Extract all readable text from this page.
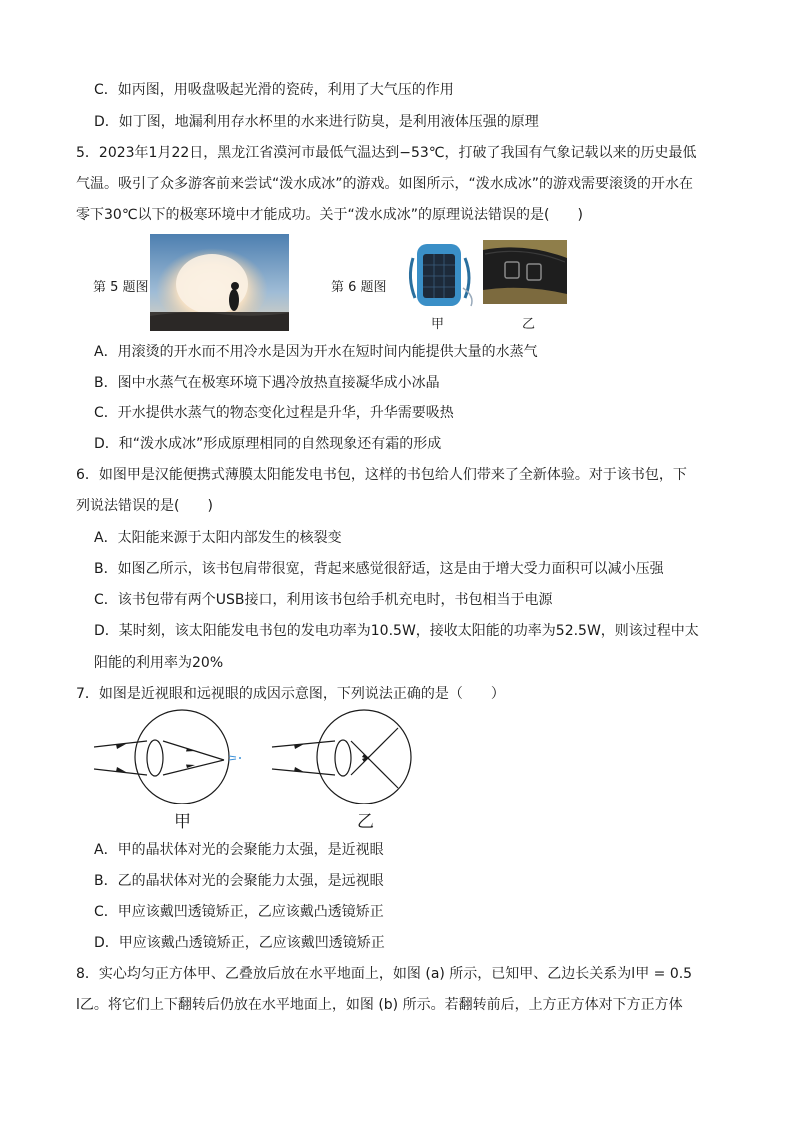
C．如丙图，用吸盘吸起光滑的瓷砖，利用了大气压的作用
D．如丁图，地漏利用存水杯里的水来进行防臭，是利用液体压强的原理
5．2023年1月22日，黑龙江省漠河市最低气温达到−53℃，打破了我国有气象记载以来的历史最低
气温。吸引了众多游客前来尝试“泼水成冰”的游戏。如图所示，“泼水成冰”的游戏需要滚烫的开水在
零下30℃以下的极寒环境中才能成功。关于“泼水成冰”的原理说法错误的是(　　)
第 5 题图	第 6 题图
甲	乙
A．用滚烫的开水而不用冷水是因为开水在短时间内能提供大量的水蒸气
B．图中水蒸气在极寒环境下遇冷放热直接凝华成小冰晶
C．开水提供水蒸气的物态变化过程是升华，升华需要吸热
D．和“泼水成冰”形成原理相同的自然现象还有霜的形成
6．如图甲是汉能便携式薄膜太阳能发电书包，这样的书包给人们带来了全新体验。对于该书包，下
列说法错误的是(　　)
A．太阳能来源于太阳内部发生的核裂变
B．如图乙所示，该书包肩带很宽，背起来感觉很舒适，这是由于增大受力面积可以减小压强
C．该书包带有两个USB接口，利用该书包给手机充电时，书包相当于电源
D．某时刻，该太阳能发电书包的发电功率为10.5W，接收太阳能的功率为52.5W，则该过程中太
阳能的利用率为20%
7．如图是近视眼和远视眼的成因示意图，下列说法正确的是（　　）
甲	乙
A．甲的晶状体对光的会聚能力太强，是近视眼
B．乙的晶状体对光的会聚能力太强，是远视眼
C．甲应该戴凹透镜矫正，乙应该戴凸透镜矫正
D．甲应该戴凸透镜矫正，乙应该戴凹透镜矫正
8．实心均匀正方体甲、乙叠放后放在水平地面上，如图 (a) 所示，已知甲、乙边长关系为l甲 = 0.5
l乙。将它们上下翻转后仍放在水平地面上，如图 (b) 所示。若翻转前后，上方正方体对下方正方体
